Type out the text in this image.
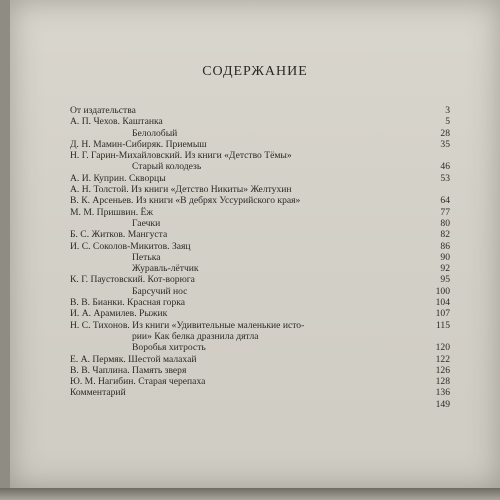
СОДЕРЖАНИЕ
От издательства	3
А. П. Чехов. Каштанка	5
Белолобый	28
Д. Н. Мамин-Сибиряк. Приемыш	35
Н. Г. Гарин-Михайловский. Из книги «Детство Тёмы»
Старый колодезь	46
А. И. Куприн. Скворцы	53
А. Н. Толстой. Из книги «Детство Никиты» Желтухин
В. К. Арсеньев. Из книги «В дебрях Уссурийского края»	64
М. М. Пришвин. Ёж	77
Гаечки	80
Б. С. Житков. Мангуста	82
И. С. Соколов-Микитов. Заяц	86
Петька	90
Журавль-лётчик	92
К. Г. Паустовский. Кот-ворюга	95
Барсучий нос	100
В. В. Бианки. Красная горка	104
И. А. Арамилев. Рыжик	107
Н. С. Тихонов. Из книги «Удивительные маленькие исто-	115
рии» Как белка дразнила дятла
Воробья хитрость	120
Е. А. Пермяк. Шестой малахай	122
В. В. Чаплина. Память зверя	126
Ю. М. Нагибин. Старая черепаха	128
Комментарий	136
149
